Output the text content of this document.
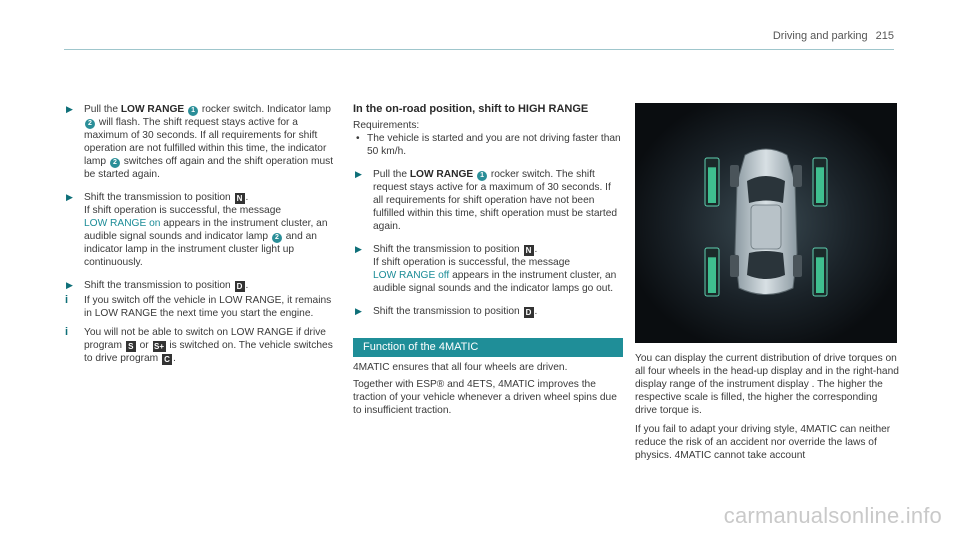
Driving and parking 215
▶ Pull the LOW RANGE 1 rocker switch. Indicator lamp 2 will flash. The shift request stays active for a maximum of 30 seconds. If all requirements for shift operation are not fulfilled within this time, the indicator lamp 2 switches off again and the shift operation must be started again.
▶ Shift the transmission to position N .
If shift operation is successful, the message
LOW RANGE on appears in the instrument cluster, an audible signal sounds and indicator lamp 2 and an indicator lamp in the instrument cluster light up continuously.
▶ Shift the transmission to position D .
i If you switch off the vehicle in LOW RANGE, it remains in LOW RANGE the next time you start the engine.
i You will not be able to switch on LOW RANGE if drive program S or S+ is switched on. The vehicle switches to drive program C .
In the on-road position, shift to HIGH RANGE
Requirements:
• The vehicle is started and you are not driving faster than 50 km/h.
▶ Pull the LOW RANGE 1 rocker switch. The shift request stays active for a maximum of 30 seconds. If all requirements for shift operation have not been fulfilled within this time, shift operation must be started again.
▶ Shift the transmission to position N .
If shift operation is successful, the message
LOW RANGE off appears in the instrument cluster, an audible signal sounds and the indicator lamps go out.
▶ Shift the transmission to position D .
Function of the 4MATIC
4MATIC ensures that all four wheels are driven.
Together with ESP® and 4ETS, 4MATIC improves the traction of your vehicle whenever a driven wheel spins due to insufficient traction.
You can display the current distribution of drive torques on all four wheels in the head-up display and in the right-hand display range of the instrument display . The higher the respective scale is filled, the higher the corresponding drive torque is.
If you fail to adapt your driving style, 4MATIC can neither reduce the risk of an accident nor override the laws of physics. 4MATIC cannot take account
carmanualsonline.info
